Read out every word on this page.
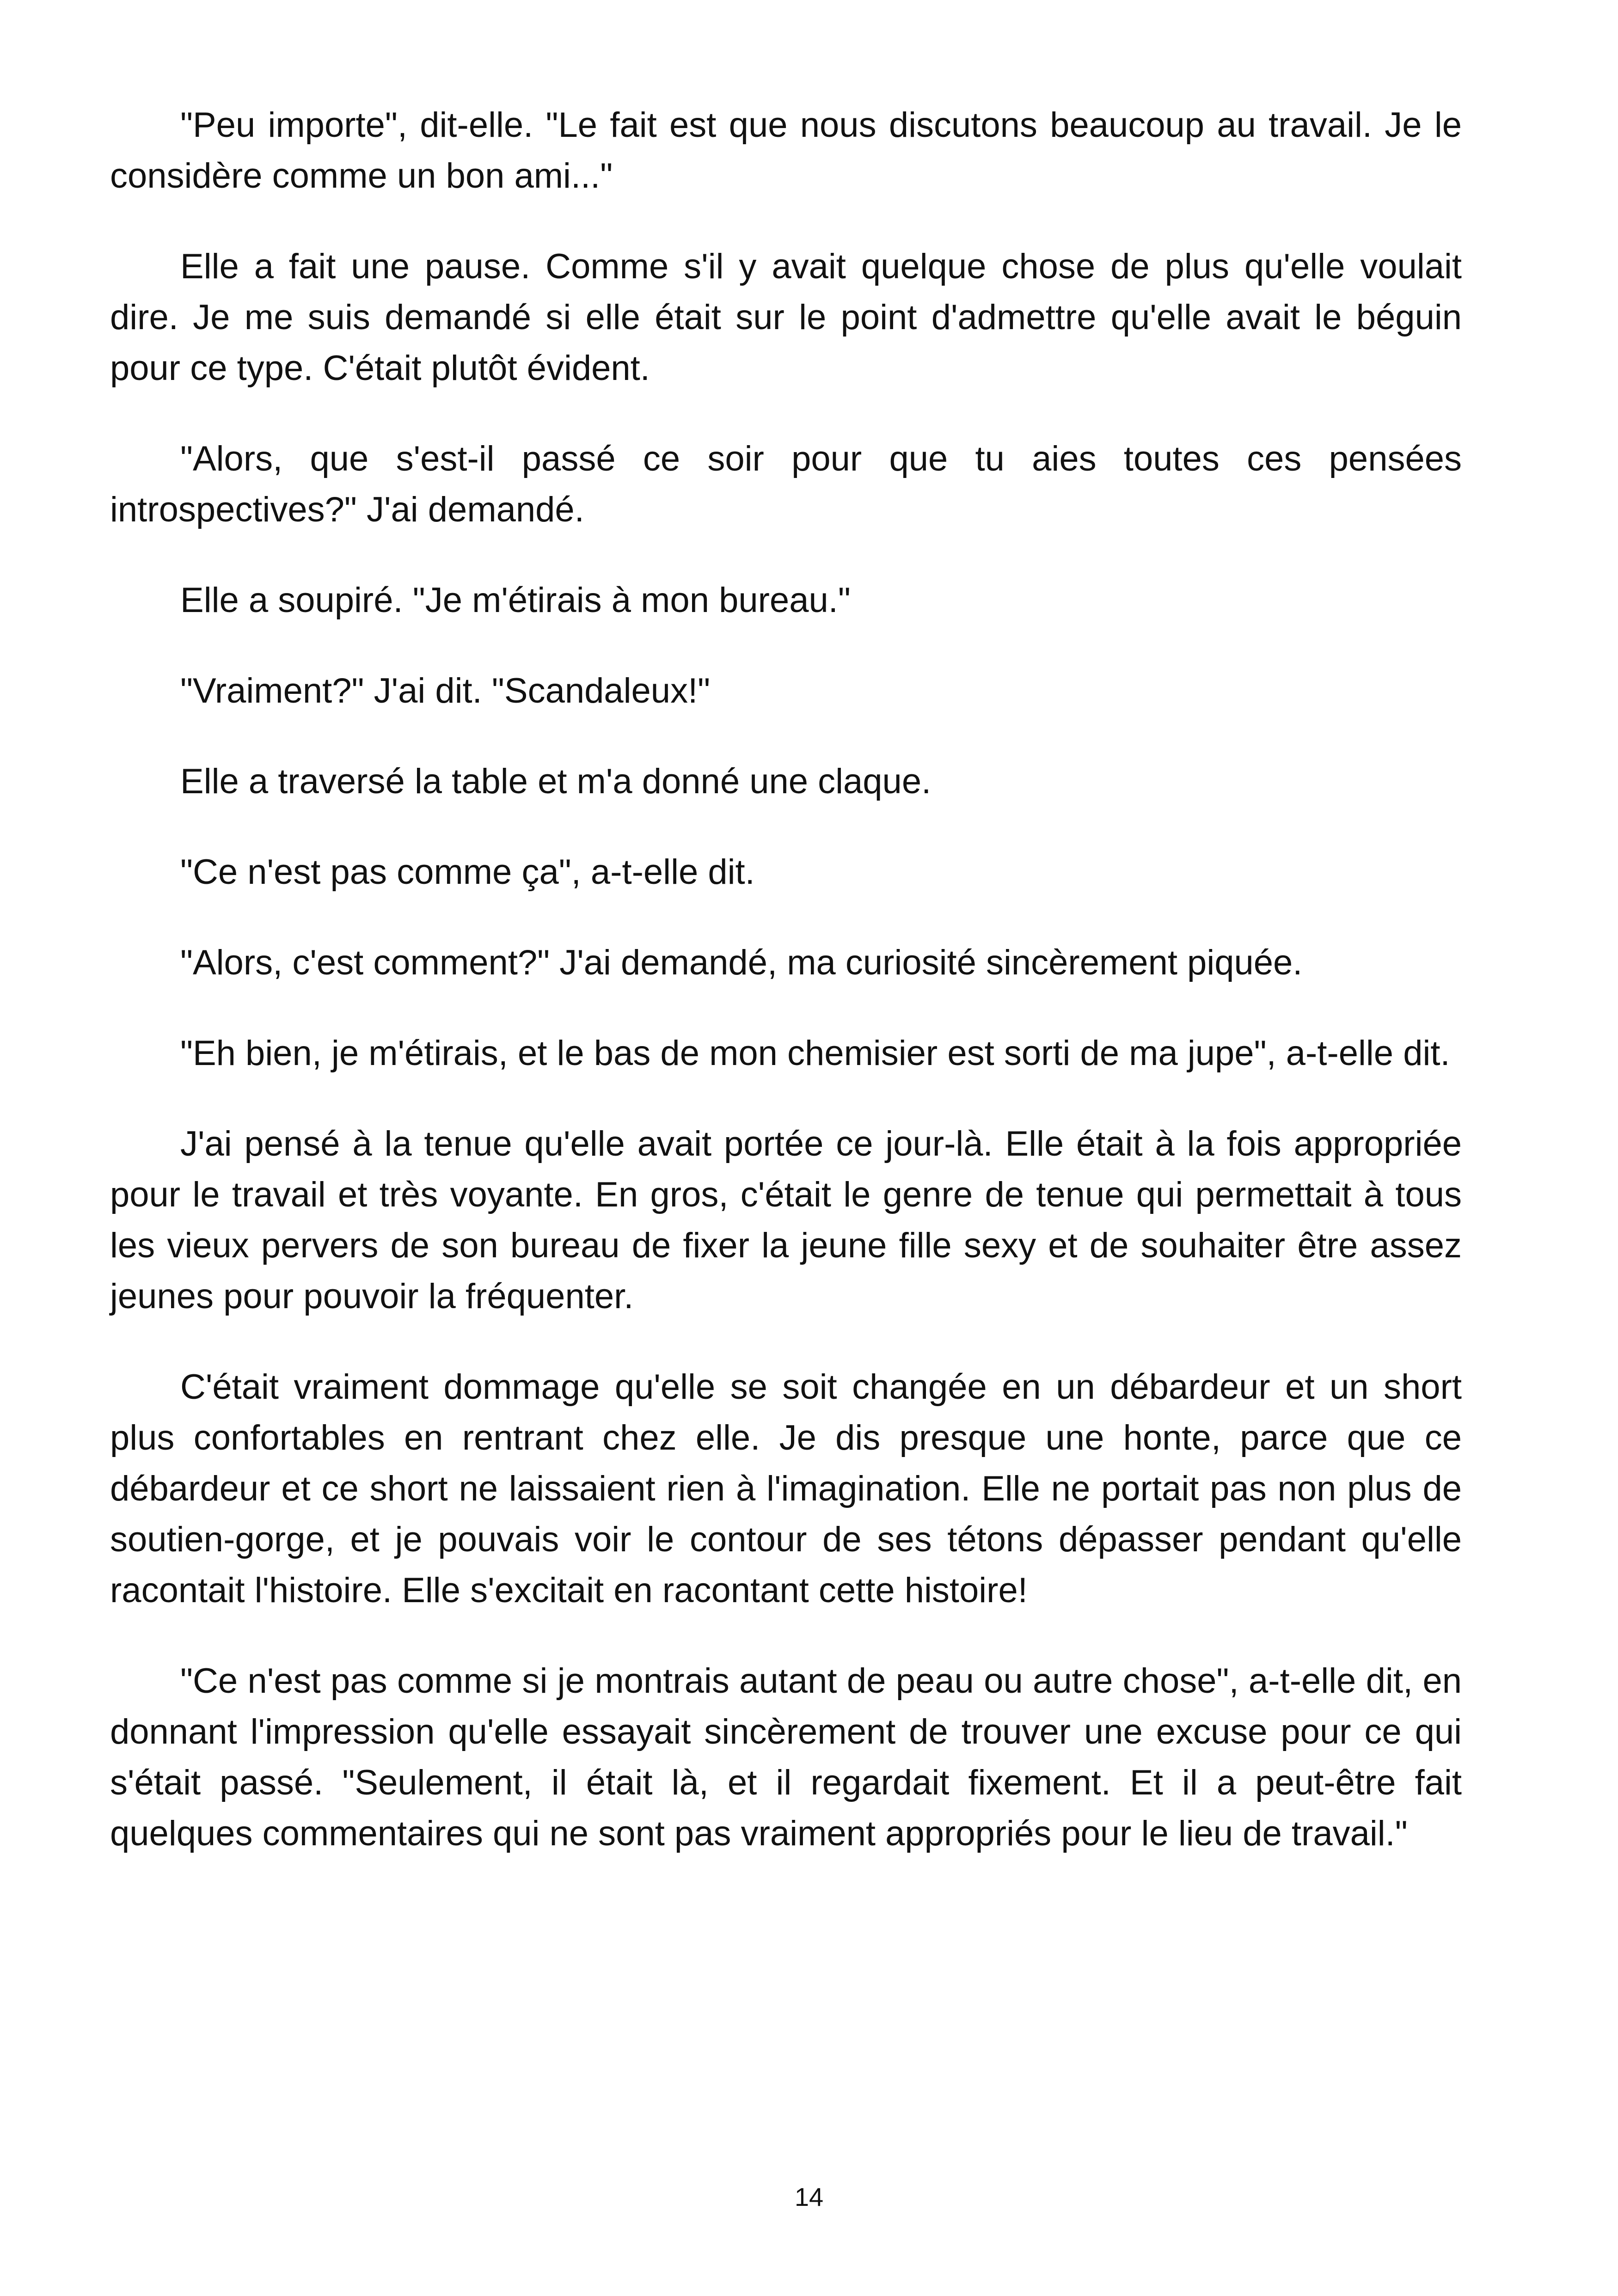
"Peu importe", dit-elle. "Le fait est que nous discutons beaucoup au travail. Je le considère comme un bon ami..."

Elle a fait une pause. Comme s'il y avait quelque chose de plus qu'elle voulait dire. Je me suis demandé si elle était sur le point d'admettre qu'elle avait le béguin pour ce type. C'était plutôt évident.

"Alors, que s'est-il passé ce soir pour que tu aies toutes ces pensées introspectives?" J'ai demandé.

Elle a soupiré. "Je m'étirais à mon bureau."

"Vraiment?" J'ai dit. "Scandaleux!"

Elle a traversé la table et m'a donné une claque.

"Ce n'est pas comme ça", a-t-elle dit.

"Alors, c'est comment?" J'ai demandé, ma curiosité sincèrement piquée.

"Eh bien, je m'étirais, et le bas de mon chemisier est sorti de ma jupe", a-t-elle dit.

J'ai pensé à la tenue qu'elle avait portée ce jour-là. Elle était à la fois appropriée pour le travail et très voyante. En gros, c'était le genre de tenue qui permettait à tous les vieux pervers de son bureau de fixer la jeune fille sexy et de souhaiter être assez jeunes pour pouvoir la fréquenter.

C'était vraiment dommage qu'elle se soit changée en un débardeur et un short plus confortables en rentrant chez elle. Je dis presque une honte, parce que ce débardeur et ce short ne laissaient rien à l'imagination. Elle ne portait pas non plus de soutien-gorge, et je pouvais voir le contour de ses tétons dépasser pendant qu'elle racontait l'histoire. Elle s'excitait en racontant cette histoire!

"Ce n'est pas comme si je montrais autant de peau ou autre chose", a-t-elle dit, en donnant l'impression qu'elle essayait sincèrement de trouver une excuse pour ce qui s'était passé. "Seulement, il était là, et il regardait fixement. Et il a peut-être fait quelques commentaires qui ne sont pas vraiment appropriés pour le lieu de travail."

14
